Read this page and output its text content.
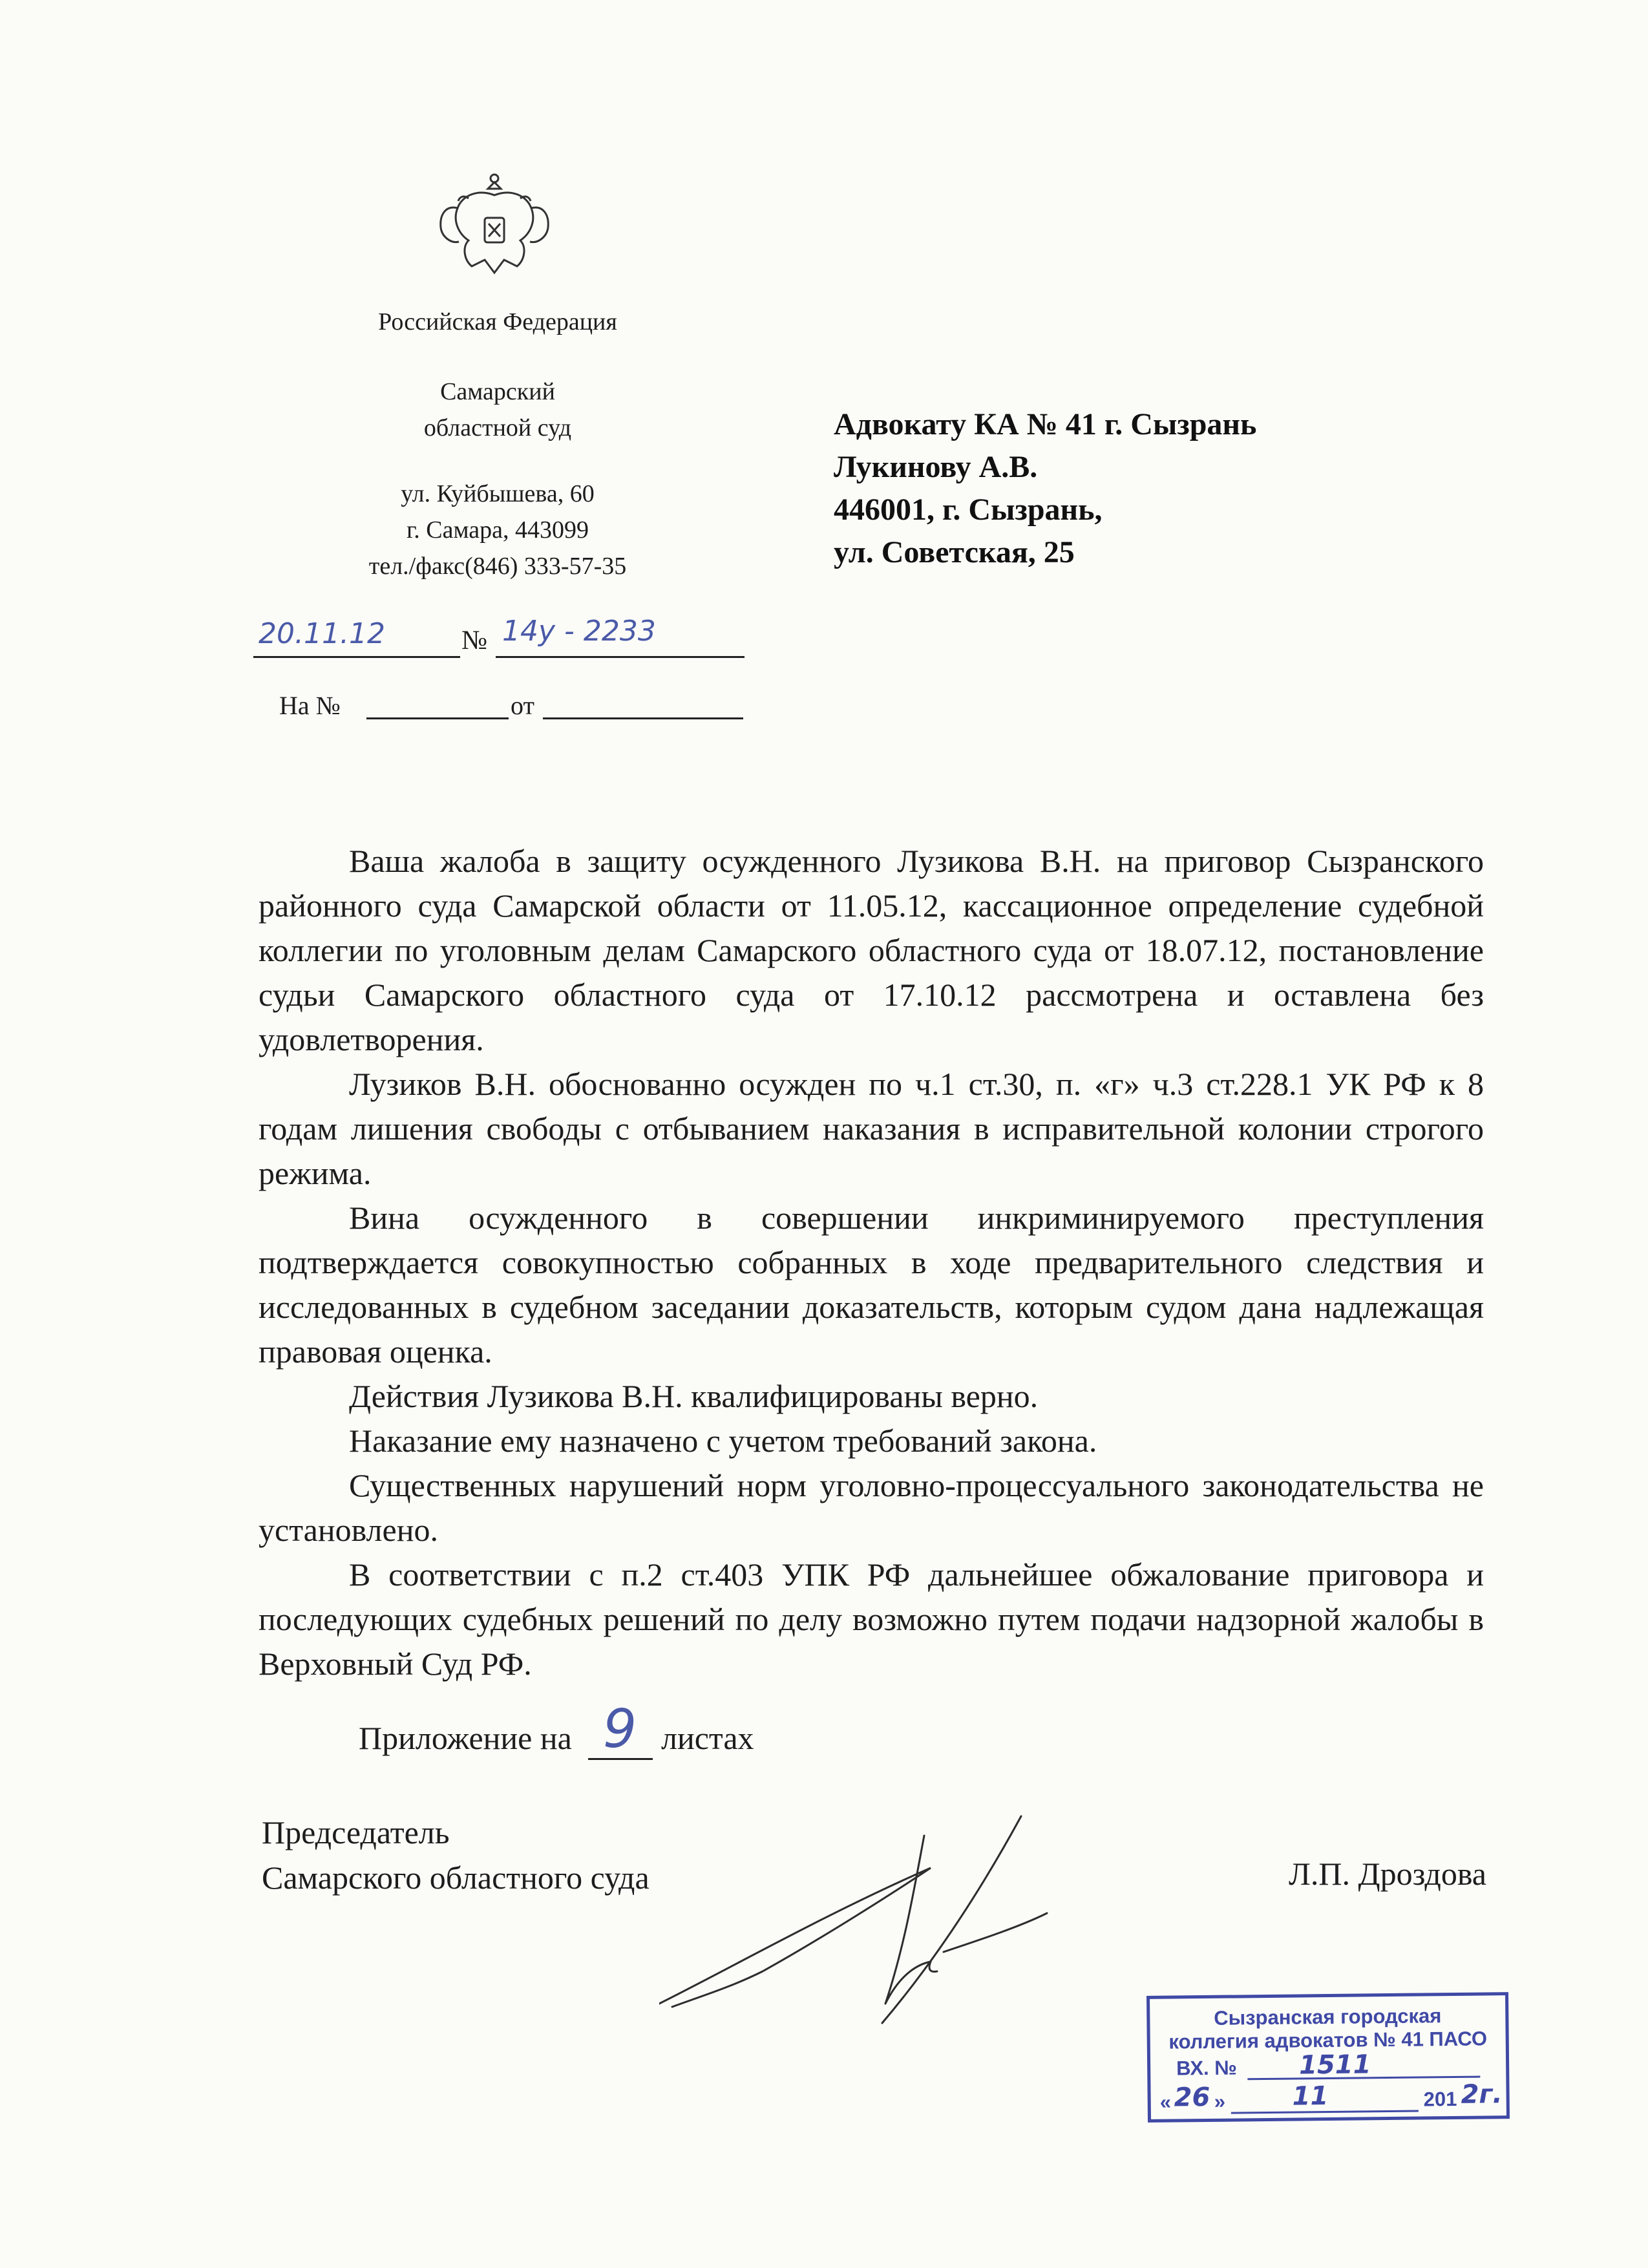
Российская Федерация
Самарский
областной суд
ул. Куйбышева, 60
г. Самара, 443099
тел./факс(846) 333-57-35
20.11.12	№ 14у - 2233
На №	от
Адвокату КА № 41 г. Сызрань
Лукинову А.В.
446001, г. Сызрань,
ул. Советская, 25

Ваша жалоба в защиту осужденного Лузикова В.Н. на приговор Сызранского районного суда Самарской области от 11.05.12, кассационное определение судебной коллегии по уголовным делам Самарского областного суда от 18.07.12, постановление судьи Самарского областного суда от 17.10.12 рассмотрена и оставлена без удовлетворения.

Лузиков В.Н. обоснованно осужден по ч.1 ст.30, п. «г» ч.3 ст.228.1 УК РФ к 8 годам лишения свободы с отбыванием наказания в исправительной колонии строгого режима.

Вина осужденного в совершении инкриминируемого преступления подтверждается совокупностью собранных в ходе предварительного следствия и исследованных в судебном заседании доказательств, которым судом дана надлежащая правовая оценка.

Действия Лузикова В.Н. квалифицированы верно.

Наказание ему назначено с учетом требований закона.

Существенных нарушений норм уголовно-процессуального законодательства не установлено.

В соответствии с п.2 ст.403 УПК РФ дальнейшее обжалование приговора и последующих судебных решений по делу возможно путем подачи надзорной жалобы в Верховный Суд РФ.

Приложение на 9 листах
Председатель
Самарского областного суда	Л.П. Дроздова
Сызранская городская
коллегия адвокатов № 41 ПАСО
ВХ. № 1511
« 26 »	11	201 2г.
